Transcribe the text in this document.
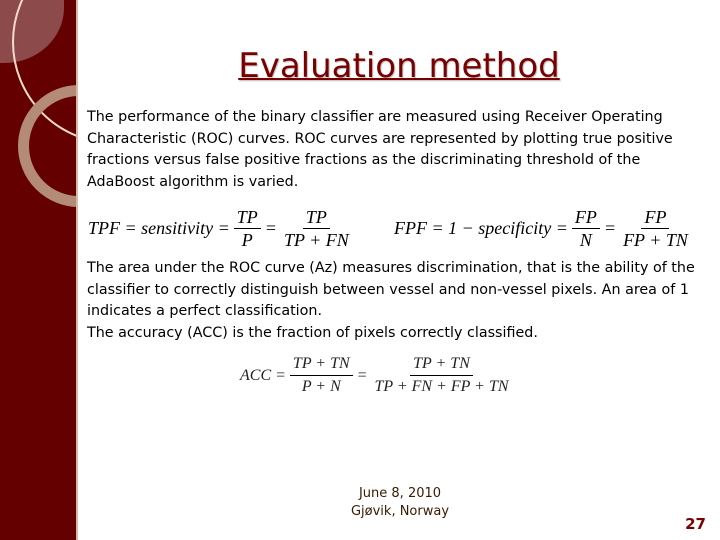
Evaluation method
The performance of the binary classifier are measured using Receiver Operating Characteristic (ROC) curves. ROC curves are represented by plotting true positive fractions versus false positive fractions as the discriminating threshold of the AdaBoost algorithm is varied.
TPF = sensitivity = $\frac{TP}{P} = \frac{TP}{TP + FN}$ FPF = 1 − specificity = $\frac{FP}{N} = \frac{FP}{FP + TN}$
The area under the ROC curve (Az) measures discrimination, that is the ability of the classifier to correctly distinguish between vessel and non-vessel pixels. An area of 1 indicates a perfect classification.
The accuracy (ACC) is the fraction of pixels correctly classified.
ACC = $\frac{TP + TN}{P + N} = \frac{TP + TN}{TP + FN + FP + TN}$
June 8, 2010
Gjøvik, Norway
27
